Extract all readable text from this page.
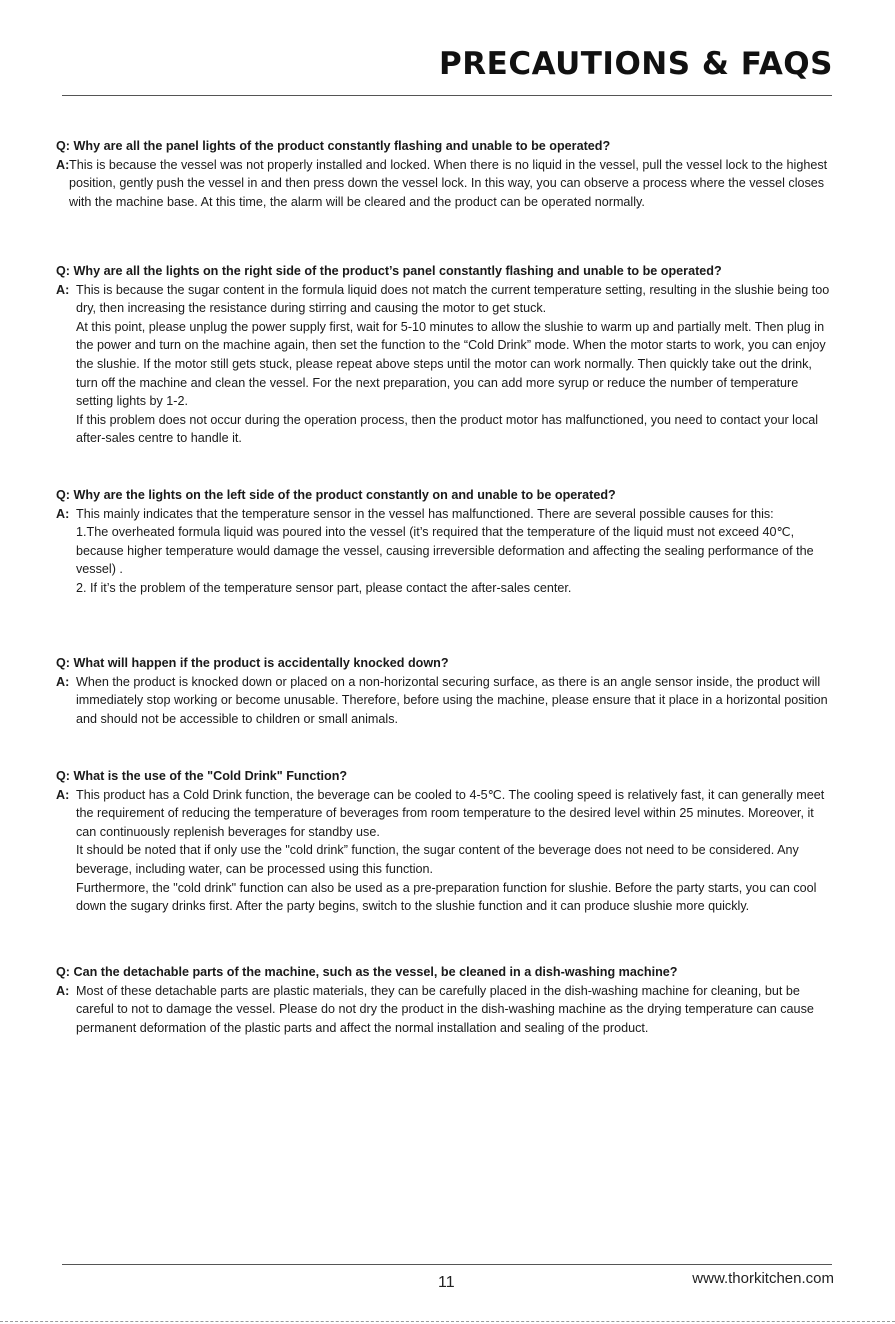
PRECAUTIONS & FAQS

Q: Why are all the panel lights of the product constantly flashing and unable to be operated?

A: This is because the vessel was not properly installed and locked. When there is no liquid in the vessel, pull the vessel lock to the highest position, gently push the vessel in and then press down the vessel lock. In this way, you can observe a process where the vessel closes with the machine base. At this time, the alarm will be cleared and the product can be operated normally.

Q: Why are all the lights on the right side of the product’s panel constantly flashing and unable to be operated?

A: This is because the sugar content in the formula liquid does not match the current temperature setting, resulting in the slushie being too dry, then increasing the resistance during stirring and causing the motor to get stuck.

At this point, please unplug the power supply first, wait for 5-10 minutes to allow the slushie to warm up and partially melt. Then plug in the power and turn on the machine again, then set the function to the “Cold Drink” mode. When the motor starts to work, you can enjoy the slushie. If the motor still gets stuck, please repeat above steps until the motor can work normally. Then quickly take out the drink, turn off the machine and clean the vessel. For the next preparation, you can add more syrup or reduce the number of temperature setting lights by 1-2.

If this problem does not occur during the operation process, then the product motor has malfunctioned, you need to contact your local after-sales centre to handle it.

Q: Why are the lights on the left side of the product constantly on and unable to be operated?

A: This mainly indicates that the temperature sensor in the vessel has malfunctioned. There are several possible causes for this:

1.The overheated formula liquid was poured into the vessel (it’s required that the temperature of the liquid must not exceed 40℃, because higher temperature would damage the vessel, causing irreversible deformation and affecting the sealing performance of the vessel) .

2. If it’s the problem of the temperature sensor part, please contact the after-sales center.

Q: What will happen if the product is accidentally knocked down?

A: When the product is knocked down or placed on a non-horizontal securing surface, as there is an angle sensor inside, the product will immediately stop working or become unusable. Therefore, before using the machine, please ensure that it place in a horizontal position and should not be accessible to children or small animals.

Q: What is the use of the "Cold Drink" Function?

A: This product has a Cold Drink function, the beverage can be cooled to 4-5℃. The cooling speed is relatively fast, it can generally meet the requirement of reducing the temperature of beverages from room temperature to the desired level within 25 minutes. Moreover, it can continuously replenish beverages for standby use.

It should be noted that if only use the "cold drink” function, the sugar content of the beverage does not need to be considered. Any beverage, including water, can be processed using this function.

Furthermore, the "cold drink" function can also be used as a pre-preparation function for slushie. Before the party starts, you can cool down the sugary drinks first. After the party begins, switch to the slushie function and it can produce slushie more quickly.

Q: Can the detachable parts of the machine, such as the vessel, be cleaned in a dish-washing machine?

A: Most of these detachable parts are plastic materials, they can be carefully placed in the dish-washing machine for cleaning, but be careful to not to damage the vessel. Please do not dry the product in the dish-washing machine as the drying temperature can cause permanent deformation of the plastic parts and affect the normal installation and sealing of the product.

11	www.thorkitchen.com
